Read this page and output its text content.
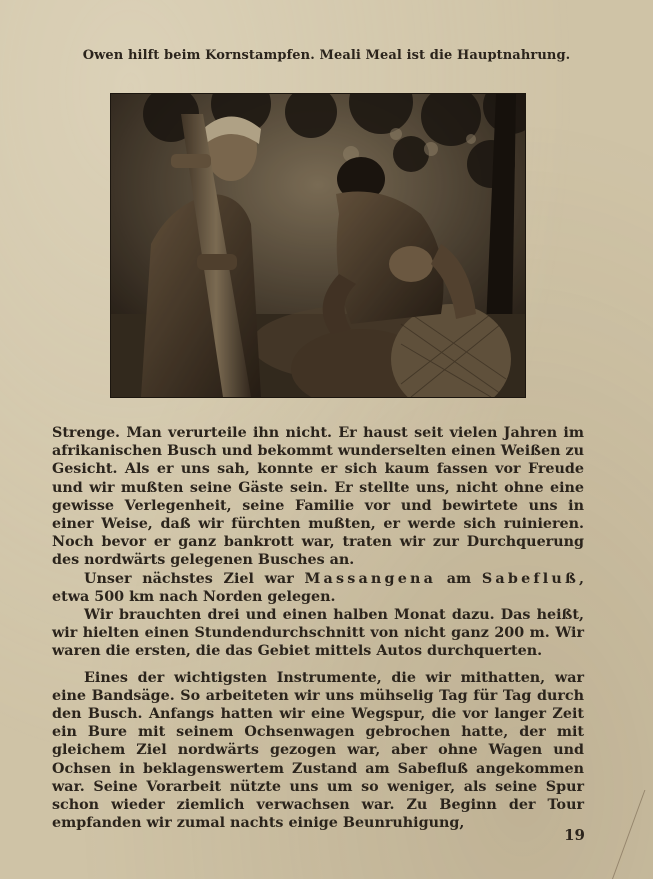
Owen hilft beim Kornstampfen. Meali Meal ist die Hauptnahrung.

Strenge. Man verurteile ihn nicht. Er haust seit vielen Jahren im afrikanischen Busch und bekommt wunderselten einen Weißen zu Gesicht. Als er uns sah, konnte er sich kaum fassen vor Freude und wir mußten seine Gäste sein. Er stellte uns, nicht ohne eine gewisse Verlegenheit, seine Familie vor und bewirtete uns in einer Weise, daß wir fürchten mußten, er werde sich ruinieren. Noch bevor er ganz bankrott war, traten wir zur Durchquerung des nordwärts gelegenen Busches an.

Unser nächstes Ziel war Massangena am Sabefluß, etwa 500 km nach Norden gelegen.

Wir brauchten drei und einen halben Monat dazu. Das heißt, wir hielten einen Stundendurchschnitt von nicht ganz 200 m. Wir waren die ersten, die das Gebiet mittels Autos durchquerten.

Eines der wichtigsten Instrumente, die wir mithatten, war eine Bandsäge. So arbeiteten wir uns mühselig Tag für Tag durch den Busch. Anfangs hatten wir eine Wegspur, die vor langer Zeit ein Bure mit seinem Ochsenwagen gebrochen hatte, der mit gleichem Ziel nordwärts gezogen war, aber ohne Wagen und Ochsen in beklagenswertem Zustand am Sabefluß angekommen war. Seine Vorarbeit nützte uns um so weniger, als seine Spur schon wieder ziemlich verwachsen war. Zu Beginn der Tour empfanden wir zumal nachts einige Beunruhigung,

19
